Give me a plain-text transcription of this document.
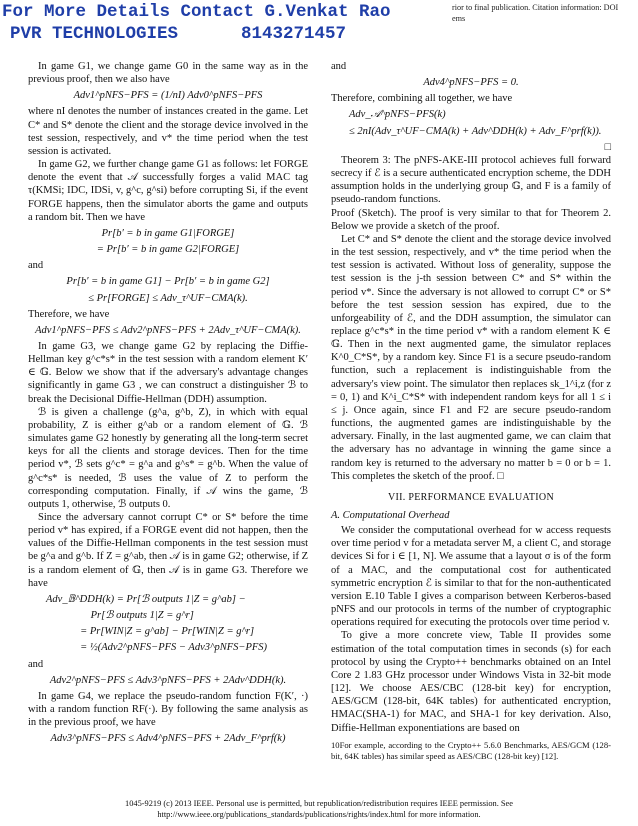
For More Details Contact G.Venkat Rao
PVR TECHNOLOGIES      8143271457
rior to final publication. Citation information: DOI
ems

In game G1, we change game G0 in the same way as in the previous proof, then we also have

Adv1^pNFS−PFS = (1/nI) Adv0^pNFS−PFS

where nI denotes the number of instances created in the game. Let C* and S* denote the client and the storage device involved in the test session, respectively, and v* the time period when the test session is activated.

In game G2, we further change game G1 as follows: let FORGE denote the event that 𝒜 successfully forges a valid MAC tag τ(KMSi; IDC, IDSi, v, g^c, g^si) before corrupting Si, if the event FORGE happens, then the simulator aborts the game and outputs a random bit. Then we have

Pr[b′ = b in game G1|FORGE]
= Pr[b′ = b in game G2|FORGE]

and

Pr[b′ = b in game G1] − Pr[b′ = b in game G2]
≤ Pr[FORGE] ≤ Adv_τ^UF−CMA(k).

Therefore, we have

Adv1^pNFS−PFS ≤ Adv2^pNFS−PFS + 2Adv_τ^UF−CMA(k).

In game G3, we change game G2 by replacing the Diffie-Hellman key g^c*s* in the test session with a random element K′ ∈ 𝔾. Below we show that if the adversary's advantage changes significantly in game G3 , we can construct a distinguisher ℬ to break the Decisional Diffie-Hellman (DDH) assumption.

ℬ is given a challenge (g^a, g^b, Z), in which with equal probability, Z is either g^ab or a random element of 𝔾. ℬ simulates game G2 honestly by generating all the long-term secret keys for all the clients and storage devices. Then for the time period v*, ℬ sets g^c* = g^a and g^s* = g^b. When the value of g^c*s* is needed, ℬ uses the value of Z to perform the corresponding computation. Finally, if 𝒜 wins the game, ℬ outputs 1, otherwise, ℬ outputs 0.

Since the adversary cannot corrupt C* or S* before the time period v* has expired, if a FORGE event did not happen, then the values of the Diffie-Hellman components in the test session must be g^a and g^b. If Z = g^ab, then 𝒜 is in game G2; otherwise, if Z is a random element of 𝔾, then 𝒜 is in game G3. Therefore we have

Adv_𝔹^DDH(k) = Pr[ℬ outputs 1|Z = g^ab] −
Pr[ℬ outputs 1|Z = g^r]
= Pr[WIN|Z = g^ab] − Pr[WIN|Z = g^r]
= ½(Adv2^pNFS−PFS − Adv3^pNFS−PFS)

and

Adv2^pNFS−PFS ≤ Adv3^pNFS−PFS + 2Adv^DDH(k).

In game G4, we replace the pseudo-random function F(K′, ·) with a random function RF(·). By following the same analysis as in the previous proof, we have

Adv3^pNFS−PFS ≤ Adv4^pNFS−PFS + 2Adv_F^prf(k)

and

Adv4^pNFS−PFS = 0.

Therefore, combining all together, we have

Adv_𝒜^pNFS−PFS(k)
≤ 2nI(Adv_τ^UF−CMA(k) + Adv^DDH(k) + Adv_F^prf(k)).
□

Theorem 3: The pNFS-AKE-III protocol achieves full forward secrecy if ℰ is a secure authenticated encryption scheme, the DDH assumption holds in the underlying group 𝔾, and F is a family of pseudo-random functions.

Proof (Sketch). The proof is very similar to that for Theorem 2. Below we provide a sketch of the proof.

Let C* and S* denote the client and the storage device involved in the test session, respectively, and v* the time period when the test session is activated. Without loss of generality, suppose the test session is the j-th session between C* and S* within the period v*. Since the adversary is not allowed to corrupt C* or S* before the test session session has expired, due to the unforgeability of ℰ, and the DDH assumption, the simulator can replace g^c*s* in the time period v* with a random element K ∈ 𝔾. Then in the next augmented game, the simulator replaces K^0_C*S*, by a random key. Since F1 is a secure pseudo-random function, such a replacement is indistinguishable from the adversary's view point. The simulator then replaces sk_1^i,z (for z = 0, 1) and K^i_C*S* with independent random keys for all 1 ≤ i ≤ j. Once again, since F1 and F2 are secure pseudo-random functions, the augmented games are indistinguishable by the adversary. Finally, in the last augmented game, we can claim that the adversary has no advantage in winning the game since a random key is returned to the adversary no matter b = 0 or b = 1. This completes the sketch of the proof. □

VII. PERFORMANCE EVALUATION
A. Computational Overhead

We consider the computational overhead for w access requests over time period v for a metadata server M, a client C, and storage devices Si for i ∈ [1, N]. We assume that a layout σ is of the form of a MAC, and the computational cost for authenticated symmetric encryption ℰ is similar to that for the non-authenticated version E.10 Table I gives a comparison between Kerberos-based pNFS and our protocols in terms of the number of cryptographic operations required for executing the protocols over time period v.

To give a more concrete view, Table II provides some estimation of the total computation times in seconds (s) for each protocol by using the Crypto++ benchmarks obtained on an Intel Core 2 1.83 GHz processor under Windows Vista in 32-bit mode [12]. We choose AES/CBC (128-bit key) for encryption, AES/GCM (128-bit, 64K tables) for authenticated encryption, HMAC(SHA-1) for MAC, and SHA-1 for key derivation. Also, Diffie-Hellman exponentiations are based on

10For example, according to the Crypto++ 5.6.0 Benchmarks, AES/GCM (128-bit, 64K tables) has similar speed as AES/CBC (128-bit key) [12].
1045-9219 (c) 2013 IEEE. Personal use is permitted, but republication/redistribution requires IEEE permission. See
http://www.ieee.org/publications_standards/publications/rights/index.html for more information.
